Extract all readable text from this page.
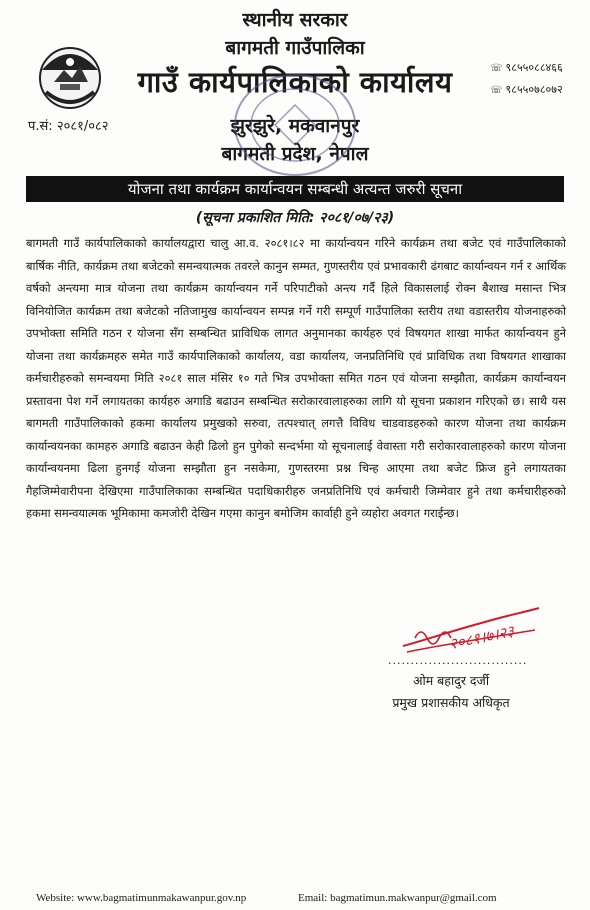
स्थानीय सरकार
बागमती गाउँपालिका
गाउँ कार्यपालिकाको कार्यालय
झुरझुरे, मकवानपुर
बागमती प्रदेश, नेपाल
प.सं: २०८१/०८२
☏ ९८५५०८८४६६
☏ ९८५५०७८०७२
योजना तथा कार्यक्रम कार्यान्वयन सम्बन्धी अत्यन्त जरुरी सूचना
(सूचना प्रकाशित मिति: २०८१/०७/२३)
बागमती गाउँ कार्यपालिकाको कार्यालयद्वारा चालु आ.व. २०८१।८२ मा कार्यान्वयन गरिने कार्यक्रम तथा बजेट एवं गाउँपालिकाको बार्षिक नीति, कार्यक्रम तथा बजेटको समन्वयात्मक तवरले कानुन सम्मत, गुणस्तरीय एवं प्रभावकारी ढंगबाट कार्यान्वयन गर्न र आर्थिक वर्षको अन्त्यमा मात्र योजना तथा कार्यक्रम कार्यान्वयन गर्ने परिपाटीको अन्त्य गर्दै हिले विकासलाई रोक्न बैशाख मसान्त भित्र विनियोजित कार्यक्रम तथा बजेटको नतिजामुख कार्यान्वयन सम्पन्न गर्ने गरी सम्पूर्ण गाउँपालिका स्तरीय तथा वडास्तरीय योजनाहरुको उपभोक्ता समिति गठन र योजना सँग सम्बन्धित प्राविधिक लागत अनुमानका कार्यहरु एवं विषयगत शाखा मार्फत कार्यान्वयन हुने योजना तथा कार्यक्रमहरु समेत गाउँ कार्यपालिकाको कार्यालय, वडा कार्यालय, जनप्रतिनिधि एवं प्राविधिक तथा विषयगत शाखाका कर्मचारीहरुको समन्वयमा मिति २०८१ साल मंसिर १० गते भित्र उपभोक्ता समित गठन एवं योजना सम्झौता, कार्यक्रम कार्यान्वयन प्रस्तावना पेश गर्ने लगायतका कार्यहरु अगाडि बढाउन सम्बन्धित सरोकारवालाहरुका लागि यो सूचना प्रकाशन गरिएको छ। साथै यस बागमती गाउँपालिकाको हकमा कार्यालय प्रमुखको सरुवा, तत्पश्चात् लगत्तै विविध चाडवाडहरुको कारण योजना तथा कार्यक्रम कार्यान्वयनका कामहरु अगाडि बढाउन केही ढिलो हुन पुगेको सन्दर्भमा यो सूचनालाई वेवास्ता गरी सरोकारवालाहरुको कारण योजना कार्यान्वयनमा ढिला हुनगई योजना सम्झौता हुन नसकेमा, गुणस्तरमा प्रश्न चिन्ह आएमा तथा बजेट फ्रिज हुने लगायतका गैहजिम्मेवारीपना देखिएमा गाउँपालिकाका सम्बन्धित पदाधिकारीहरु जनप्रतिनिधि एवं कर्मचारी जिम्मेवार हुने तथा कर्मचारीहरुको हकमा समन्वयात्मक भूमिकामा कमजोरी देखिन गएमा कानुन बमोजिम कार्वाही हुने व्यहोरा अवगत गराईन्छ।
२०८१।७।२३
...............................
ओम बहादुर दर्जी
प्रमुख प्रशासकीय अधिकृत
Website: www.bagmatimunmakawanpur.gov.np	Email: bagmatimun.makwanpur@gmail.com
